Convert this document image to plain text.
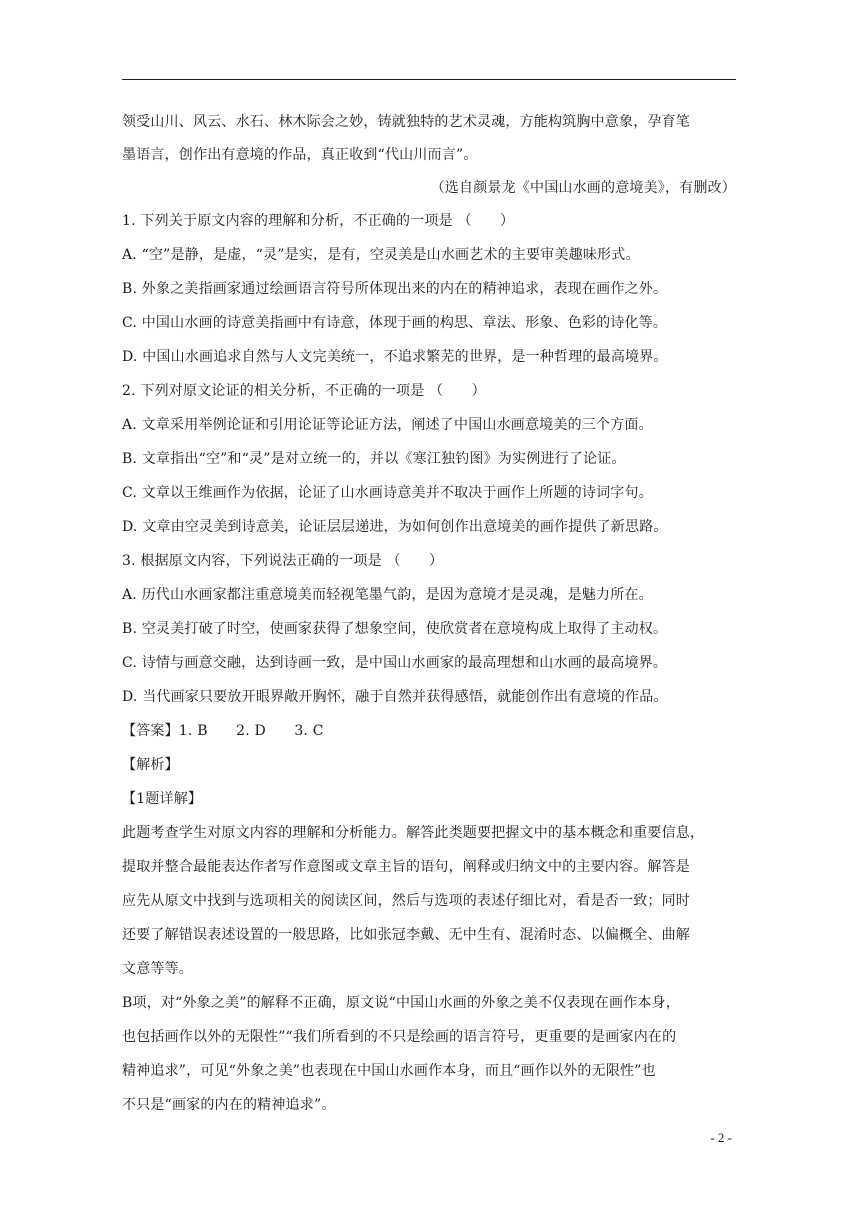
领受山川、风云、水石、林木际会之妙，铸就独特的艺术灵魂，方能构筑胸中意象，孕育笔
墨语言，创作出有意境的作品，真正收到“代山川而言”。
（选自颜景龙《中国山水画的意境美》，有删改）
1. 下列关于原文内容的理解和分析，不正确的一项是 （　　）
A. “空”是静，是虚，“灵”是实，是有，空灵美是山水画艺术的主要审美趣味形式。
B. 外象之美指画家通过绘画语言符号所体现出来的内在的精神追求，表现在画作之外。
C. 中国山水画的诗意美指画中有诗意，体现于画的构思、章法、形象、色彩的诗化等。
D. 中国山水画追求自然与人文完美统一，不追求繁芜的世界，是一种哲理的最高境界。
2. 下列对原文论证的相关分析，不正确的一项是 （　　）
A. 文章采用举例论证和引用论证等论证方法，阐述了中国山水画意境美的三个方面。
B. 文章指出“空”和“灵”是对立统一的，并以《寒江独钓图》为实例进行了论证。
C. 文章以王维画作为依据，论证了山水画诗意美并不取决于画作上所题的诗词字句。
D. 文章由空灵美到诗意美，论证层层递进，为如何创作出意境美的画作提供了新思路。
3. 根据原文内容，下列说法正确的一项是 （　　）
A. 历代山水画家都注重意境美而轻视笔墨气韵，是因为意境才是灵魂，是魅力所在。
B. 空灵美打破了时空，使画家获得了想象空间，使欣赏者在意境构成上取得了主动权。
C. 诗情与画意交融，达到诗画一致，是中国山水画家的最高理想和山水画的最高境界。
D. 当代画家只要放开眼界敞开胸怀，融于自然并获得感悟，就能创作出有意境的作品。
【答案】1. B　　2. D　　3. C
【解析】
【1题详解】
此题考查学生对原文内容的理解和分析能力。解答此类题要把握文中的基本概念和重要信息，
提取并整合最能表达作者写作意图或文章主旨的语句，阐释或归纳文中的主要内容。解答是
应先从原文中找到与选项相关的阅读区间，然后与选项的表述仔细比对，看是否一致；同时
还要了解错误表述设置的一般思路，比如张冠李戴、无中生有、混淆时态、以偏概全、曲解
文意等等。
B项，对“外象之美”的解释不正确，原文说“中国山水画的外象之美不仅表现在画作本身，
也包括画作以外的无限性”“我们所看到的不只是绘画的语言符号，更重要的是画家内在的
精神追求”，可见“外象之美”也表现在中国山水画作本身，而且“画作以外的无限性”也
不只是“画家的内在的精神追求”。
- 2 -
